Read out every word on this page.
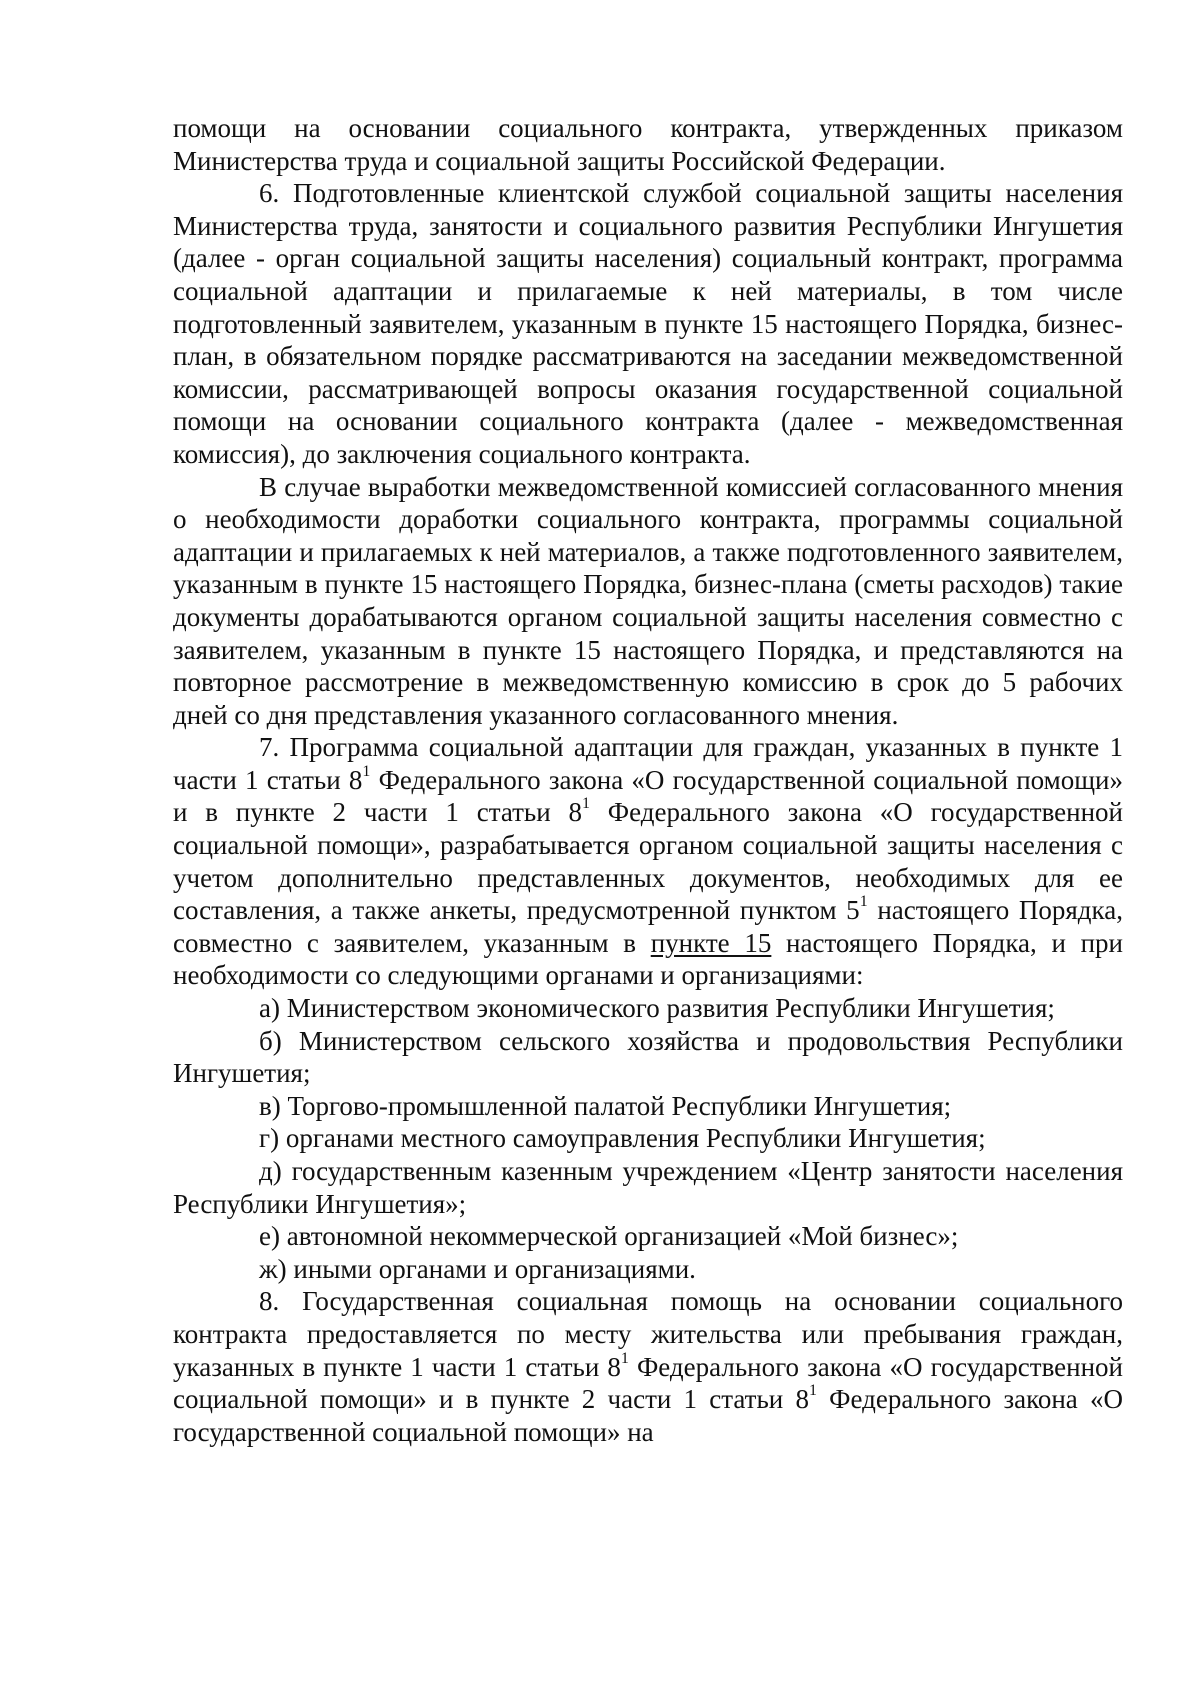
помощи на основании социального контракта, утвержденных приказом Министерства труда и социальной защиты Российской Федерации.

6. Подготовленные клиентской службой социальной защиты населения Министерства труда, занятости и социального развития Республики Ингушетия (далее - орган социальной защиты населения) социальный контракт, программа социальной адаптации и прилагаемые к ней материалы, в том числе подготовленный заявителем, указанным в пункте 15 настоящего Порядка, бизнес-план, в обязательном порядке рассматриваются на заседании межведомственной комиссии, рассматривающей вопросы оказания государственной социальной помощи на основании социального контракта (далее - межведомственная комиссия), до заключения социального контракта.

В случае выработки межведомственной комиссией согласованного мнения о необходимости доработки социального контракта, программы социальной адаптации и прилагаемых к ней материалов, а также подготовленного заявителем, указанным в пункте 15 настоящего Порядка, бизнес-плана (сметы расходов) такие документы дорабатываются органом социальной защиты населения совместно с заявителем, указанным в пункте 15 настоящего Порядка, и представляются на повторное рассмотрение в межведомственную комиссию в срок до 5 рабочих дней со дня представления указанного согласованного мнения.

7. Программа социальной адаптации для граждан, указанных в пункте 1 части 1 статьи $8^1$ Федерального закона «О государственной социальной помощи» и в пункте 2 части 1 статьи $8^1$ Федерального закона «О государственной социальной помощи», разрабатывается органом социальной защиты населения с учетом дополнительно представленных документов, необходимых для ее составления, а также анкеты, предусмотренной пунктом $5^1$ настоящего Порядка, совместно с заявителем, указанным в пункте 15 настоящего Порядка, и при необходимости со следующими органами и организациями:

а) Министерством экономического развития Республики Ингушетия;

б) Министерством сельского хозяйства и продовольствия Республики Ингушетия;

в) Торгово-промышленной палатой Республики Ингушетия;

г) органами местного самоуправления Республики Ингушетия;

д) государственным казенным учреждением «Центр занятости населения Республики Ингушетия»;

е) автономной некоммерческой организацией «Мой бизнес»;

ж) иными органами и организациями.

8. Государственная социальная помощь на основании социального контракта предоставляется по месту жительства или пребывания граждан, указанных в пункте 1 части 1 статьи $8^1$ Федерального закона «О государственной социальной помощи» и в пункте 2 части 1 статьи $8^1$ Федерального закона «О государственной социальной помощи» на
